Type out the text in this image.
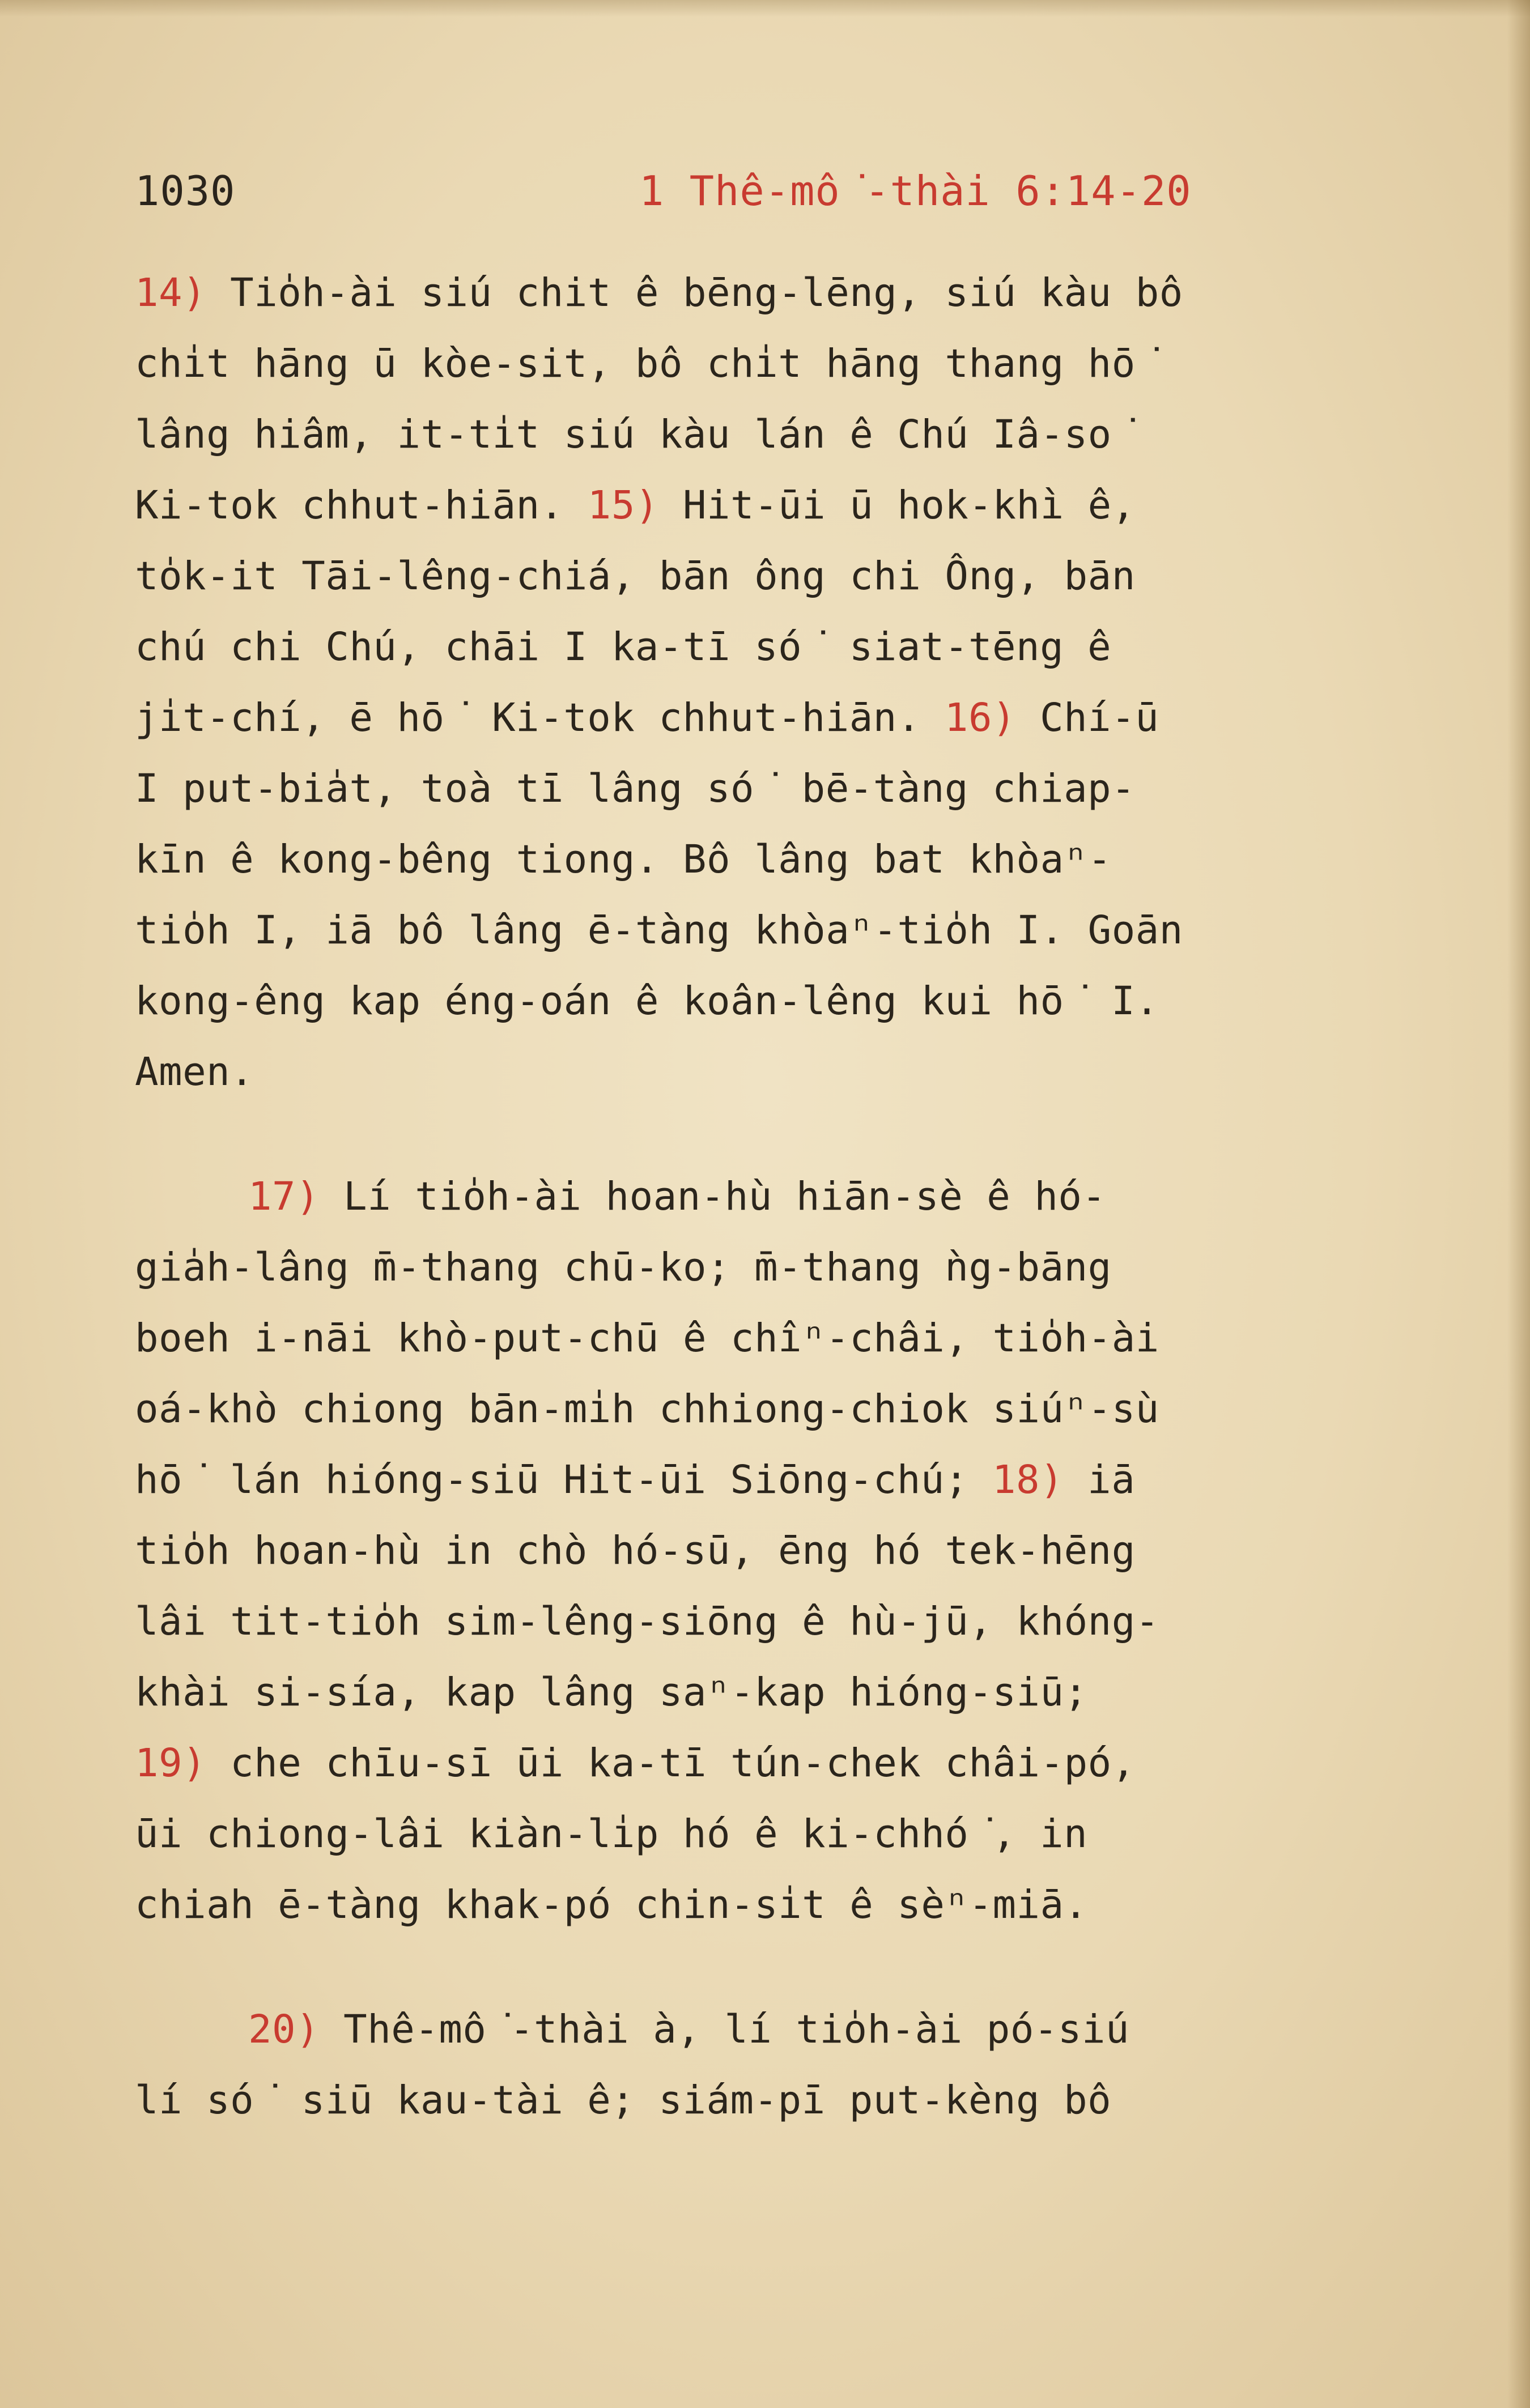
1030	1 Thê-mô͘-thài 6:14-20
14) Tio̍h-ài siú chit ê bēng-lēng, siú kàu bô
chi̍t hāng ū kòe-sit, bô chi̍t hāng thang hō͘
lâng hiâm, it-ti̍t siú kàu lán ê Chú Iâ-so͘
Ki-tok chhut-hiān. 15) Hit-ūi ū hok-khì ê,
to̍k-it Tāi-lêng-chiá, bān ông chi Ông, bān
chú chi Chú, chāi I ka-tī só͘ siat-tēng ê
ji̍t-chí, ē hō͘ Ki-tok chhut-hiān. 16) Chí-ū
I put-bia̍t, toà tī lâng só͘ bē-tàng chiap-
kīn ê kong-bêng tiong. Bô lâng bat khòaⁿ-
tio̍h I, iā bô lâng ē-tàng khòaⁿ-tio̍h I. Goān
kong-êng kap éng-oán ê koân-lêng kui hō͘ I.
Amen.
17) Lí tio̍h-ài hoan-hù hiān-sè ê hó-
gia̍h-lâng m̄-thang chū-ko; m̄-thang ǹg-bāng
boeh i-nāi khò-put-chū ê chîⁿ-châi, tio̍h-ài
oá-khò chiong bān-mi̍h chhiong-chiok siúⁿ-sù
hō͘ lán hióng-siū Hit-ūi Siōng-chú; 18) iā
tio̍h hoan-hù in chò hó-sū, ēng hó tek-hēng
lâi tit-tio̍h sim-lêng-siōng ê hù-jū, khóng-
khài si-sía, kap lâng saⁿ-kap hióng-siū;
19) che chīu-sī ūi ka-tī tún-chek châi-pó,
ūi chiong-lâi kiàn-li̍p hó ê ki-chhó͘, in
chiah ē-tàng khak-pó chin-si̍t ê sèⁿ-miā.
20) Thê-mô͘-thài à, lí tio̍h-ài pó-siú
lí só͘ siū kau-tài ê; siám-pī put-kèng bô
